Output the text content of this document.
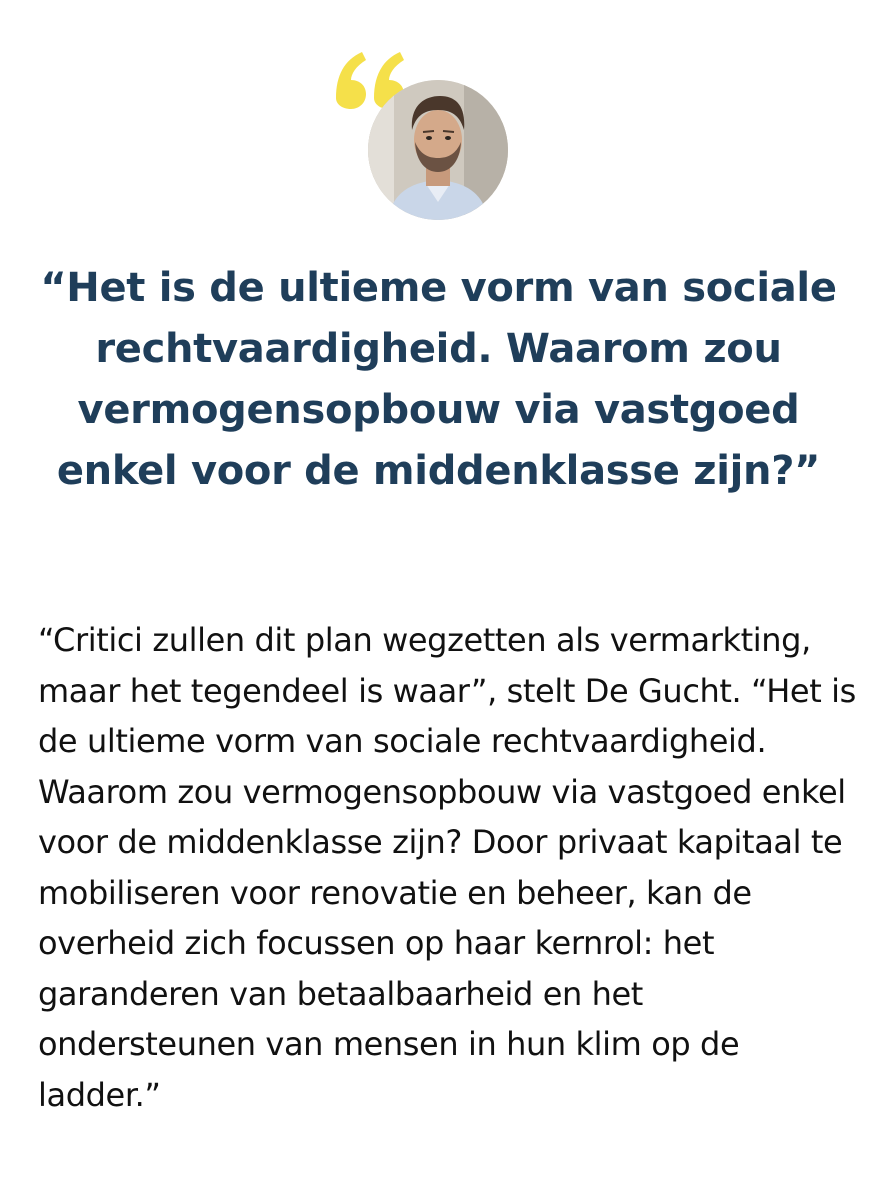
“Het is de ultieme vorm van sociale rechtvaardigheid. Waarom zou vermogensopbouw via vastgoed enkel voor de middenklasse zijn?”

“Critici zullen dit plan wegzetten als vermarkting, maar het tegendeel is waar”, stelt De Gucht. “Het is de ultieme vorm van sociale rechtvaardigheid. Waarom zou vermogensopbouw via vastgoed enkel voor de middenklasse zijn? Door privaat kapitaal te mobiliseren voor renovatie en beheer, kan de overheid zich focussen op haar kernrol: het garanderen van betaalbaarheid en het ondersteunen van mensen in hun klim op de ladder.”
